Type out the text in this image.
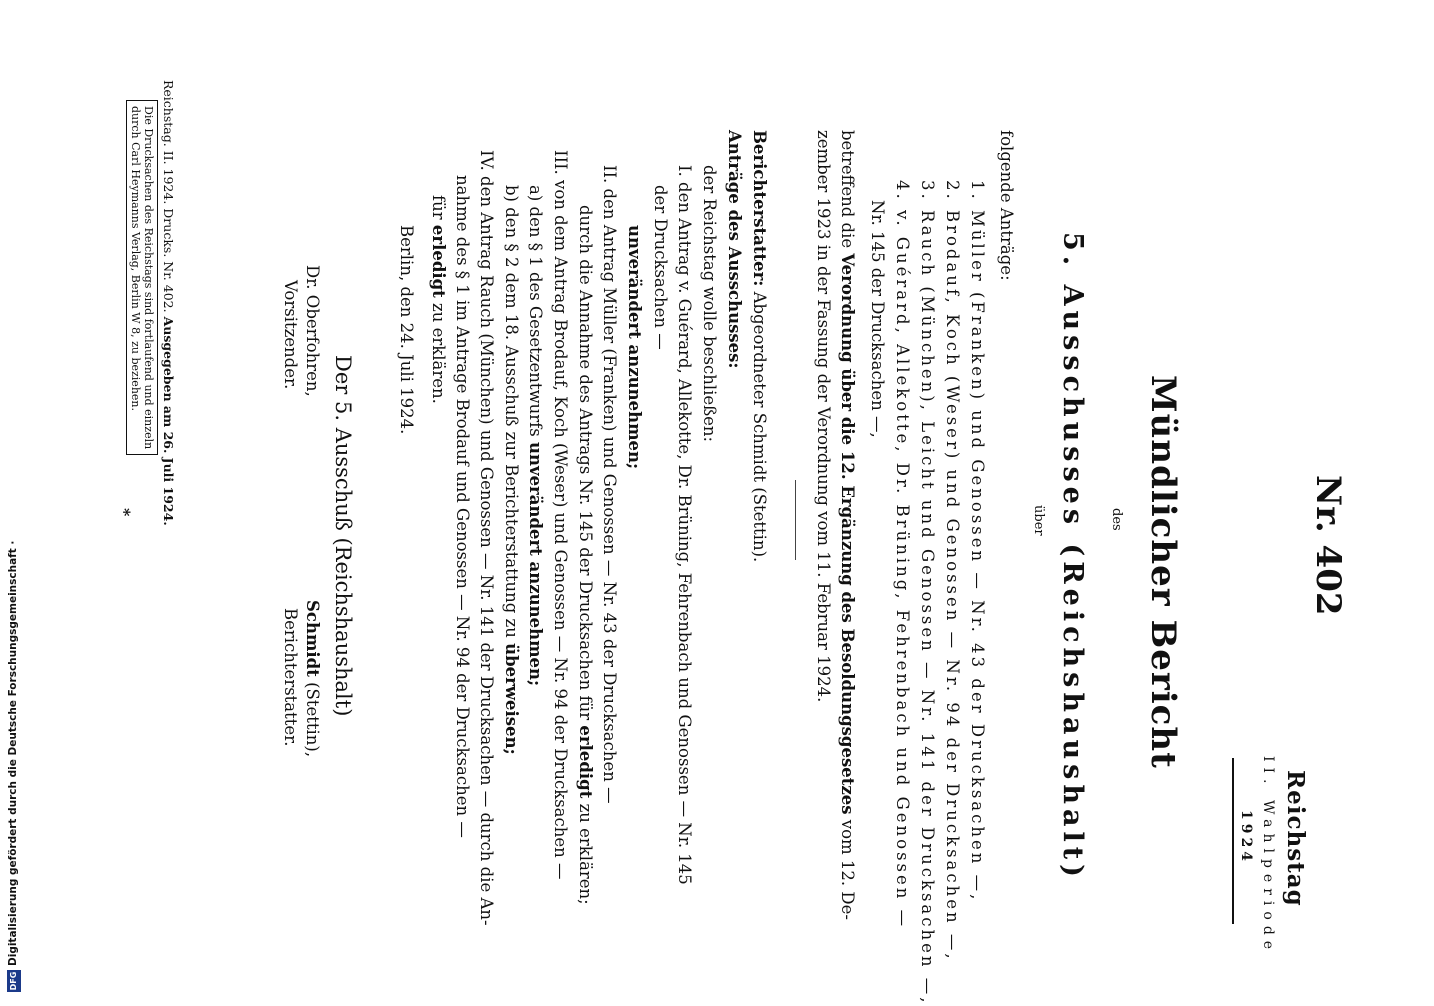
Reichstag
II. Wahlperiode
1924
Nr. 402
Mündlicher Bericht
des
5. Ausschusses (Reichshaushalt)
über
folgende Anträge:
1. Müller (Franken) und Genossen — Nr. 43 der Drucksachen —,
2. Brodauf, Koch (Weser) und Genossen — Nr. 94 der Drucksachen —,
3. Rauch (München), Leicht und Genossen — Nr. 141 der Drucksachen —,
4. v. Guérard, Allekotte, Dr. Brüning, Fehrenbach und Genossen —
Nr. 145 der Drucksachen —,
betreffend die Verordnung über die 12. Ergänzung des Besoldungsgesetzes vom 12. De-
zember 1923 in der Fassung der Verordnung vom 11. Februar 1924.
Berichterstatter: Abgeordneter Schmidt (Stettin).
Anträge des Ausschusses:
der Reichstag wolle beschließen:
I. den Antrag v. Guérard, Allekotte, Dr. Brüning, Fehrenbach und Genossen — Nr. 145
der Drucksachen —
unverändert anzunehmen;
II. den Antrag Müller (Franken) und Genossen — Nr. 43 der Drucksachen —
durch die Annahme des Antrags Nr. 145 der Drucksachen für erledigt zu erklären;
III. von dem Antrag Brodauf, Koch (Weser) und Genossen — Nr. 94 der Drucksachen —
a) den § 1 des Gesetzentwurfs unverändert anzunehmen;
b) den § 2 dem 18. Ausschuß zur Berichterstattung zu überweisen;
IV. den Antrag Rauch (München) und Genossen — Nr. 141 der Drucksachen — durch die An-
nahme des § 1 im Antrage Brodauf und Genossen — Nr. 94 der Drucksachen —
für erledigt zu erklären.
Berlin, den 24. Juli 1924.
Der 5. Ausschuß (Reichshaushalt)
Dr. Oberfohren,
Vorsitzender.
Schmidt (Stettin),
Berichterstatter.
Reichstag. II. 1924. Drucks. Nr. 402. Ausgegeben am 26. Juli 1924.
Die Drucksachen des Reichstags sind fortlaufend und einzeln
durch Carl Heymanns Verlag, Berlin W 8, zu beziehen.
*
DFG
Digitalisierung gefördert durch die Deutsche Forschungsgemeinschaft ·
